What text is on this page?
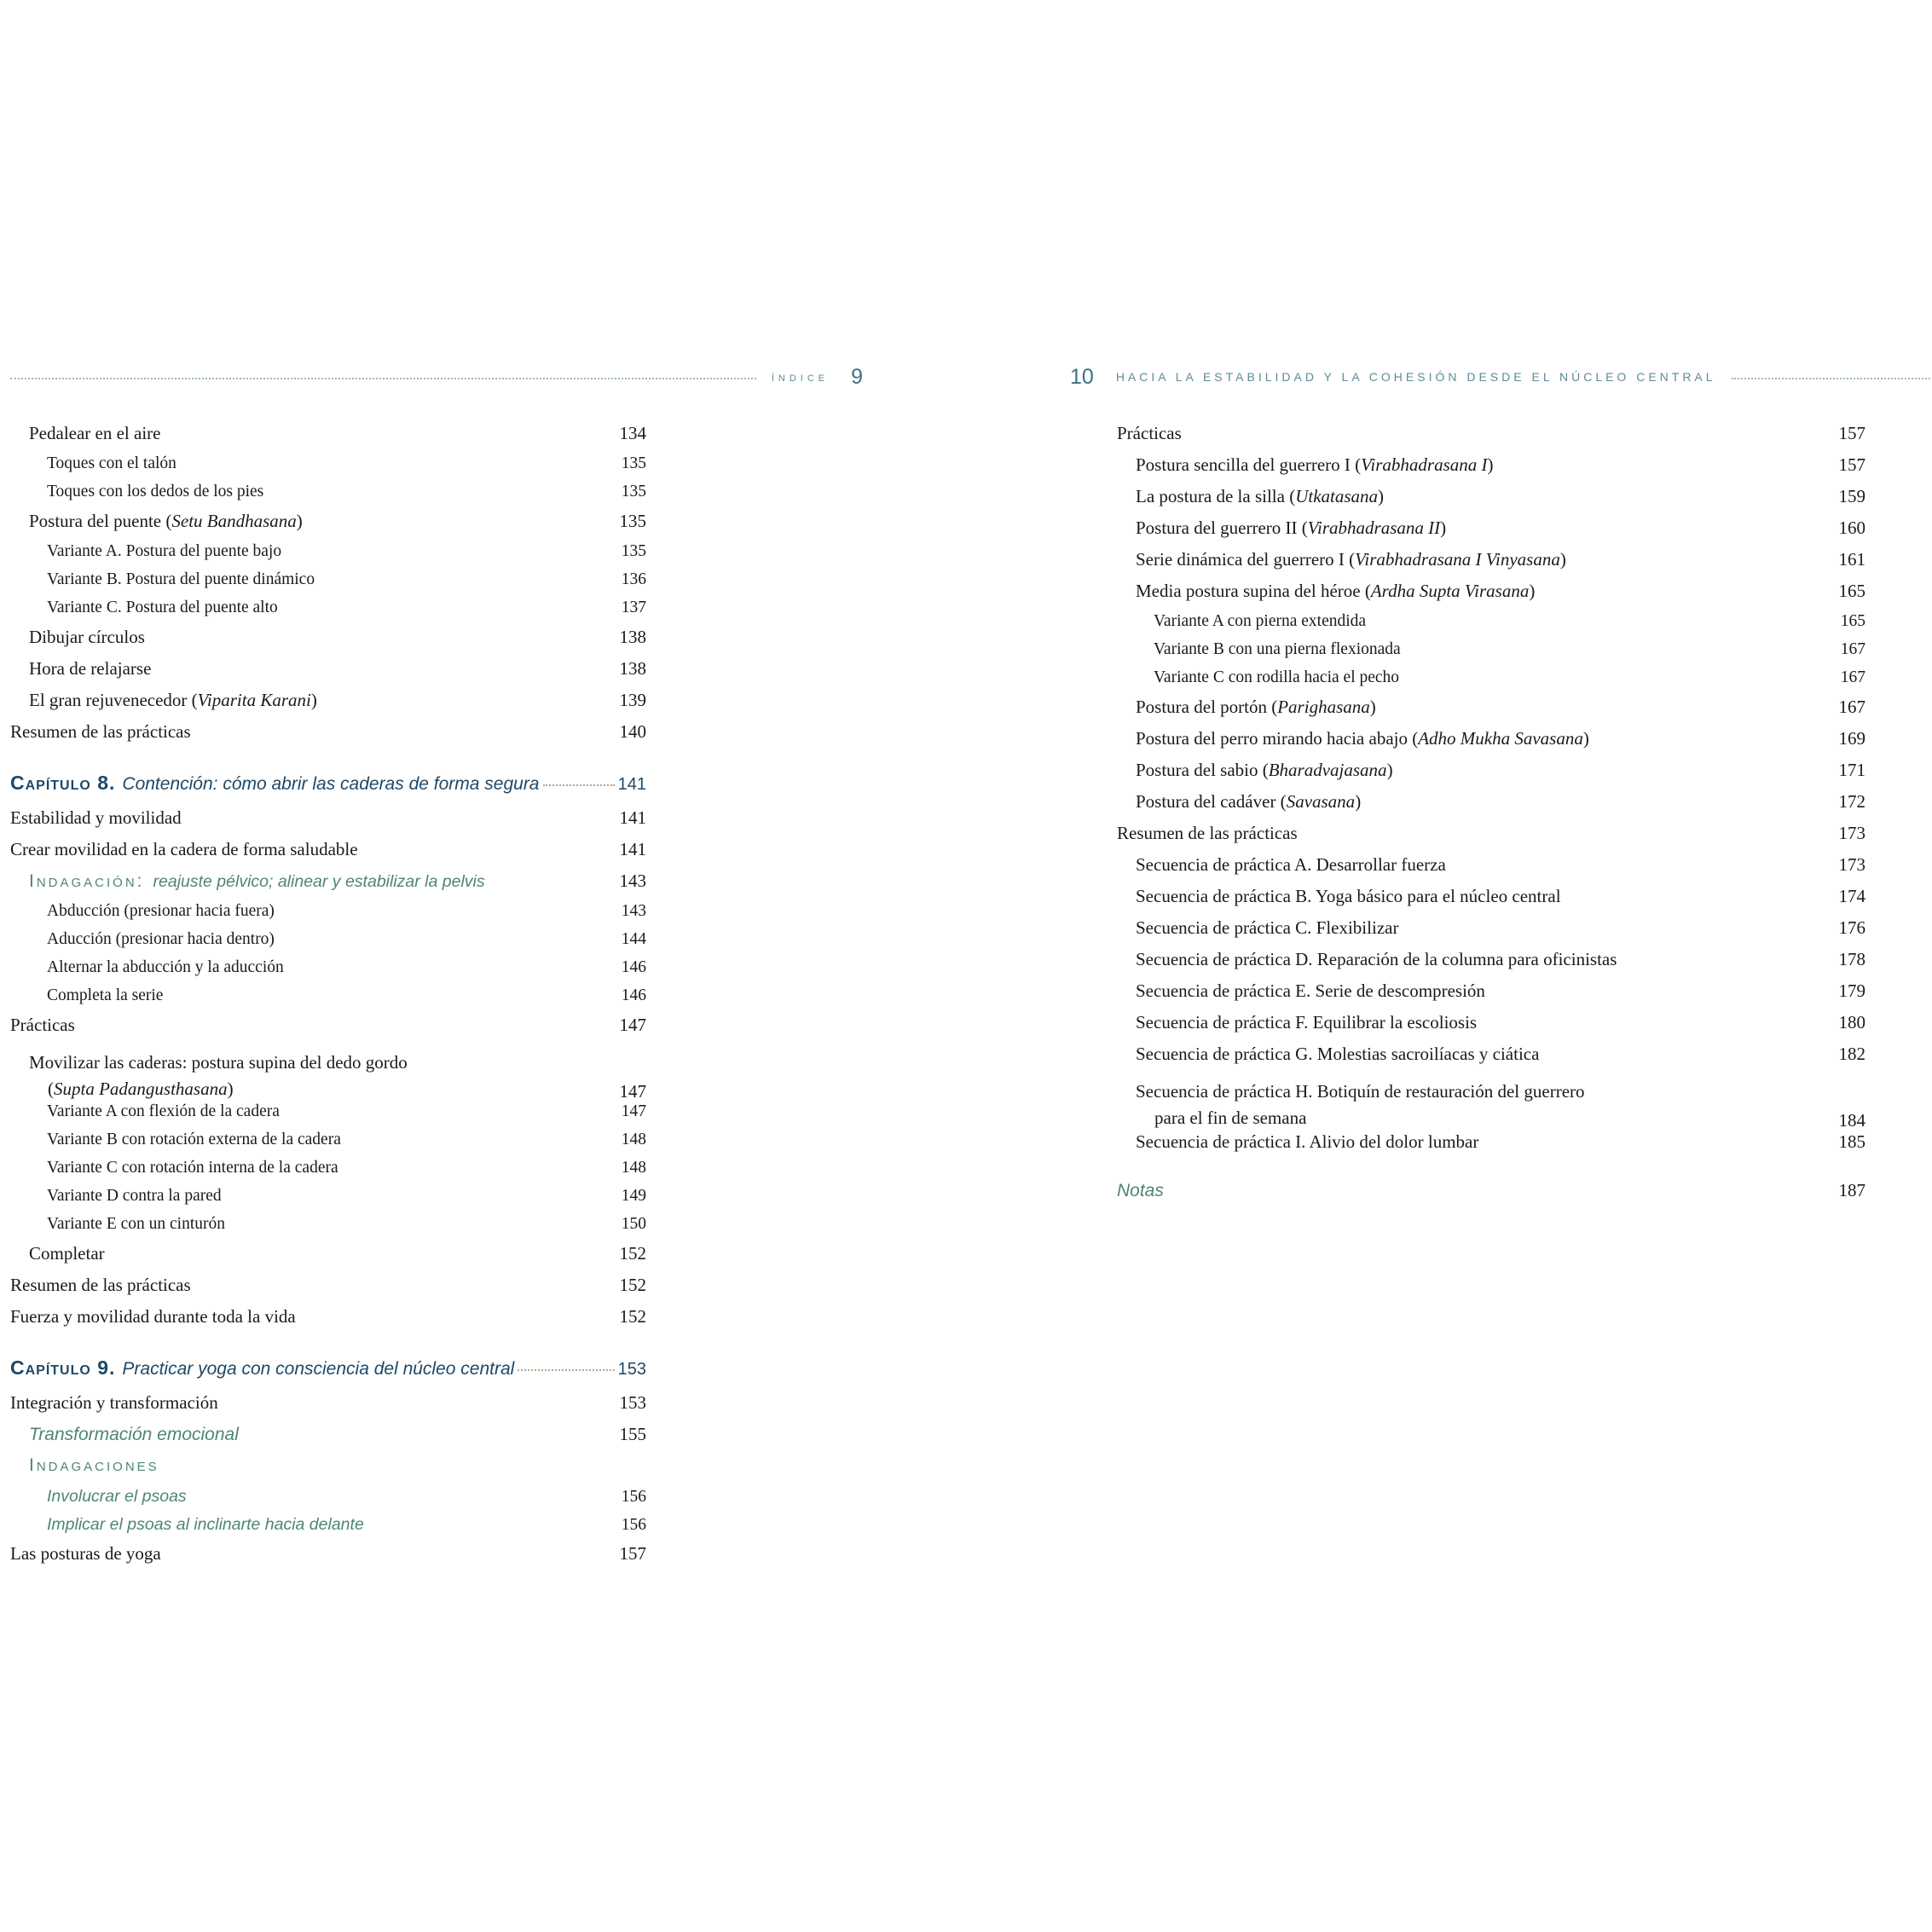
índice 9
Pedalear en el aire	134
Toques con el talón	135
Toques con los dedos de los pies	135
Postura del puente (Setu Bandhasana)	135
Variante A. Postura del puente bajo	135
Variante B. Postura del puente dinámico	136
Variante C. Postura del puente alto	137
Dibujar círculos	138
Hora de relajarse	138
El gran rejuvenecedor (Viparita Karani)	139
Resumen de las prácticas	140
Capítulo 8. Contención: cómo abrir las caderas de forma segura	141
Estabilidad y movilidad	141
Crear movilidad en la cadera de forma saludable	141
Indagación: reajuste pélvico; alinear y estabilizar la pelvis	143
Abducción (presionar hacia fuera)	143
Aducción (presionar hacia dentro)	144
Alternar la abducción y la aducción	146
Completa la serie	146
Prácticas	147
Movilizar las caderas: postura supina del dedo gordo
(Supta Padangusthasana)	147
Variante A con flexión de la cadera	147
Variante B con rotación externa de la cadera	148
Variante C con rotación interna de la cadera	148
Variante D contra la pared	149
Variante E con un cinturón	150
Completar	152
Resumen de las prácticas	152
Fuerza y movilidad durante toda la vida	152
Capítulo 9. Practicar yoga con consciencia del núcleo central	153
Integración y transformación	153
Transformación emocional	155
Indagaciones
Involucrar el psoas	156
Implicar el psoas al inclinarte hacia delante	156
Las posturas de yoga	157
10 HACIA LA ESTABILIDAD Y LA COHESIÓN DESDE EL NÚCLEO CENTRAL
Prácticas	157
Postura sencilla del guerrero I (Virabhadrasana I)	157
La postura de la silla (Utkatasana)	159
Postura del guerrero II (Virabhadrasana II)	160
Serie dinámica del guerrero I (Virabhadrasana I Vinyasana)	161
Media postura supina del héroe (Ardha Supta Virasana)	165
Variante A con pierna extendida	165
Variante B con una pierna flexionada	167
Variante C con rodilla hacia el pecho	167
Postura del portón (Parighasana)	167
Postura del perro mirando hacia abajo (Adho Mukha Savasana)	169
Postura del sabio (Bharadvajasana)	171
Postura del cadáver (Savasana)	172
Resumen de las prácticas	173
Secuencia de práctica A. Desarrollar fuerza	173
Secuencia de práctica B. Yoga básico para el núcleo central	174
Secuencia de práctica C. Flexibilizar	176
Secuencia de práctica D. Reparación de la columna para oficinistas	178
Secuencia de práctica E. Serie de descompresión	179
Secuencia de práctica F. Equilibrar la escoliosis	180
Secuencia de práctica G. Molestias sacroilíacas y ciática	182
Secuencia de práctica H. Botiquín de restauración del guerrero
para el fin de semana	184
Secuencia de práctica I. Alivio del dolor lumbar	185
Notas	187
